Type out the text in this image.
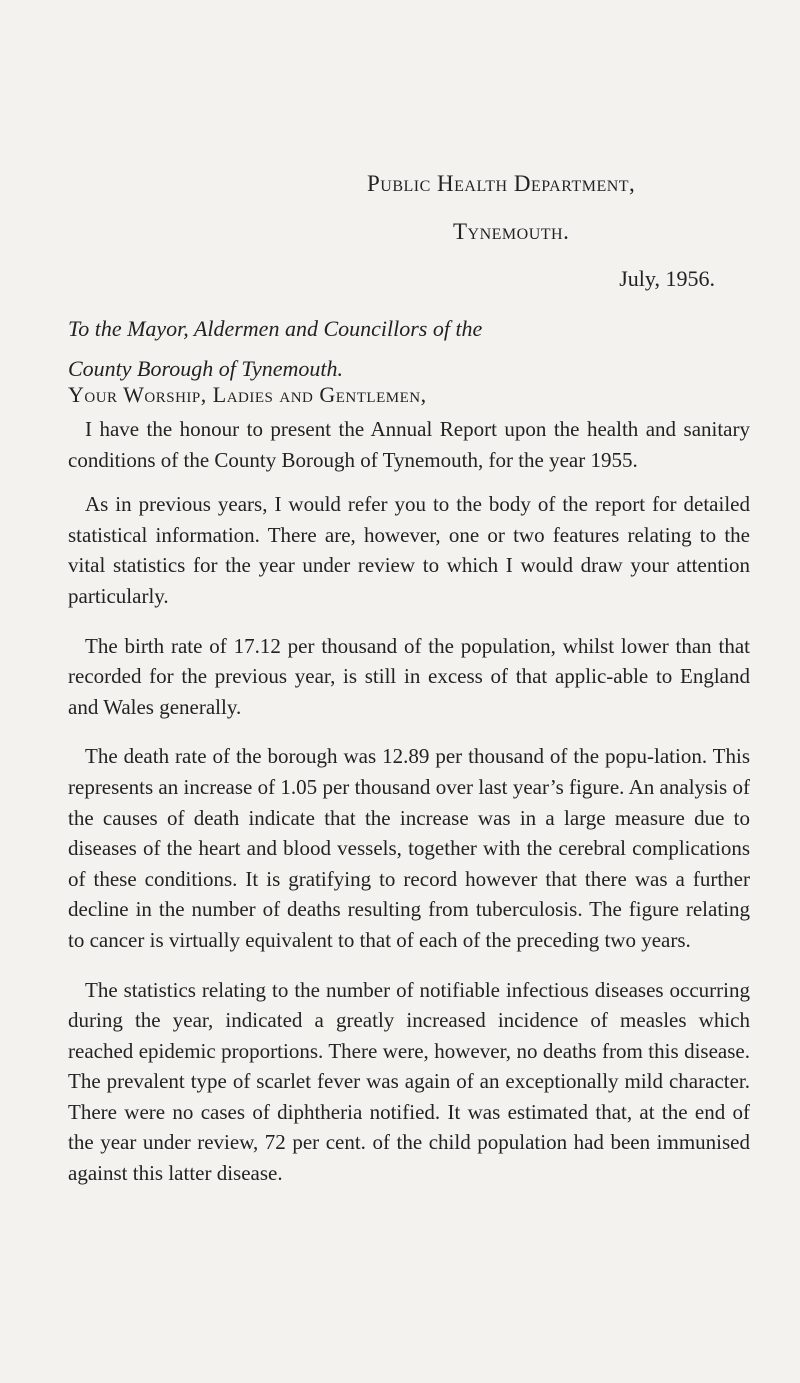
Public Health Department,
Tynemouth.
July, 1956.
To the Mayor, Aldermen and Councillors of the
County Borough of Tynemouth.
Your Worship, Ladies and Gentlemen,

I have the honour to present the Annual Report upon the health and sanitary conditions of the County Borough of Tynemouth, for the year 1955.

As in previous years, I would refer you to the body of the report for detailed statistical information. There are, however, one or two features relating to the vital statistics for the year under review to which I would draw your attention particularly.

The birth rate of 17.12 per thousand of the population, whilst lower than that recorded for the previous year, is still in excess of that applic-able to England and Wales generally.

The death rate of the borough was 12.89 per thousand of the popu-lation. This represents an increase of 1.05 per thousand over last year’s figure. An analysis of the causes of death indicate that the increase was in a large measure due to diseases of the heart and blood vessels, together with the cerebral complications of these conditions. It is gratifying to record however that there was a further decline in the number of deaths resulting from tuberculosis. The figure relating to cancer is virtually equivalent to that of each of the preceding two years.

The statistics relating to the number of notifiable infectious diseases occurring during the year, indicated a greatly increased incidence of measles which reached epidemic proportions. There were, however, no deaths from this disease. The prevalent type of scarlet fever was again of an exceptionally mild character. There were no cases of diphtheria notified. It was estimated that, at the end of the year under review, 72 per cent. of the child population had been immunised against this latter disease.
